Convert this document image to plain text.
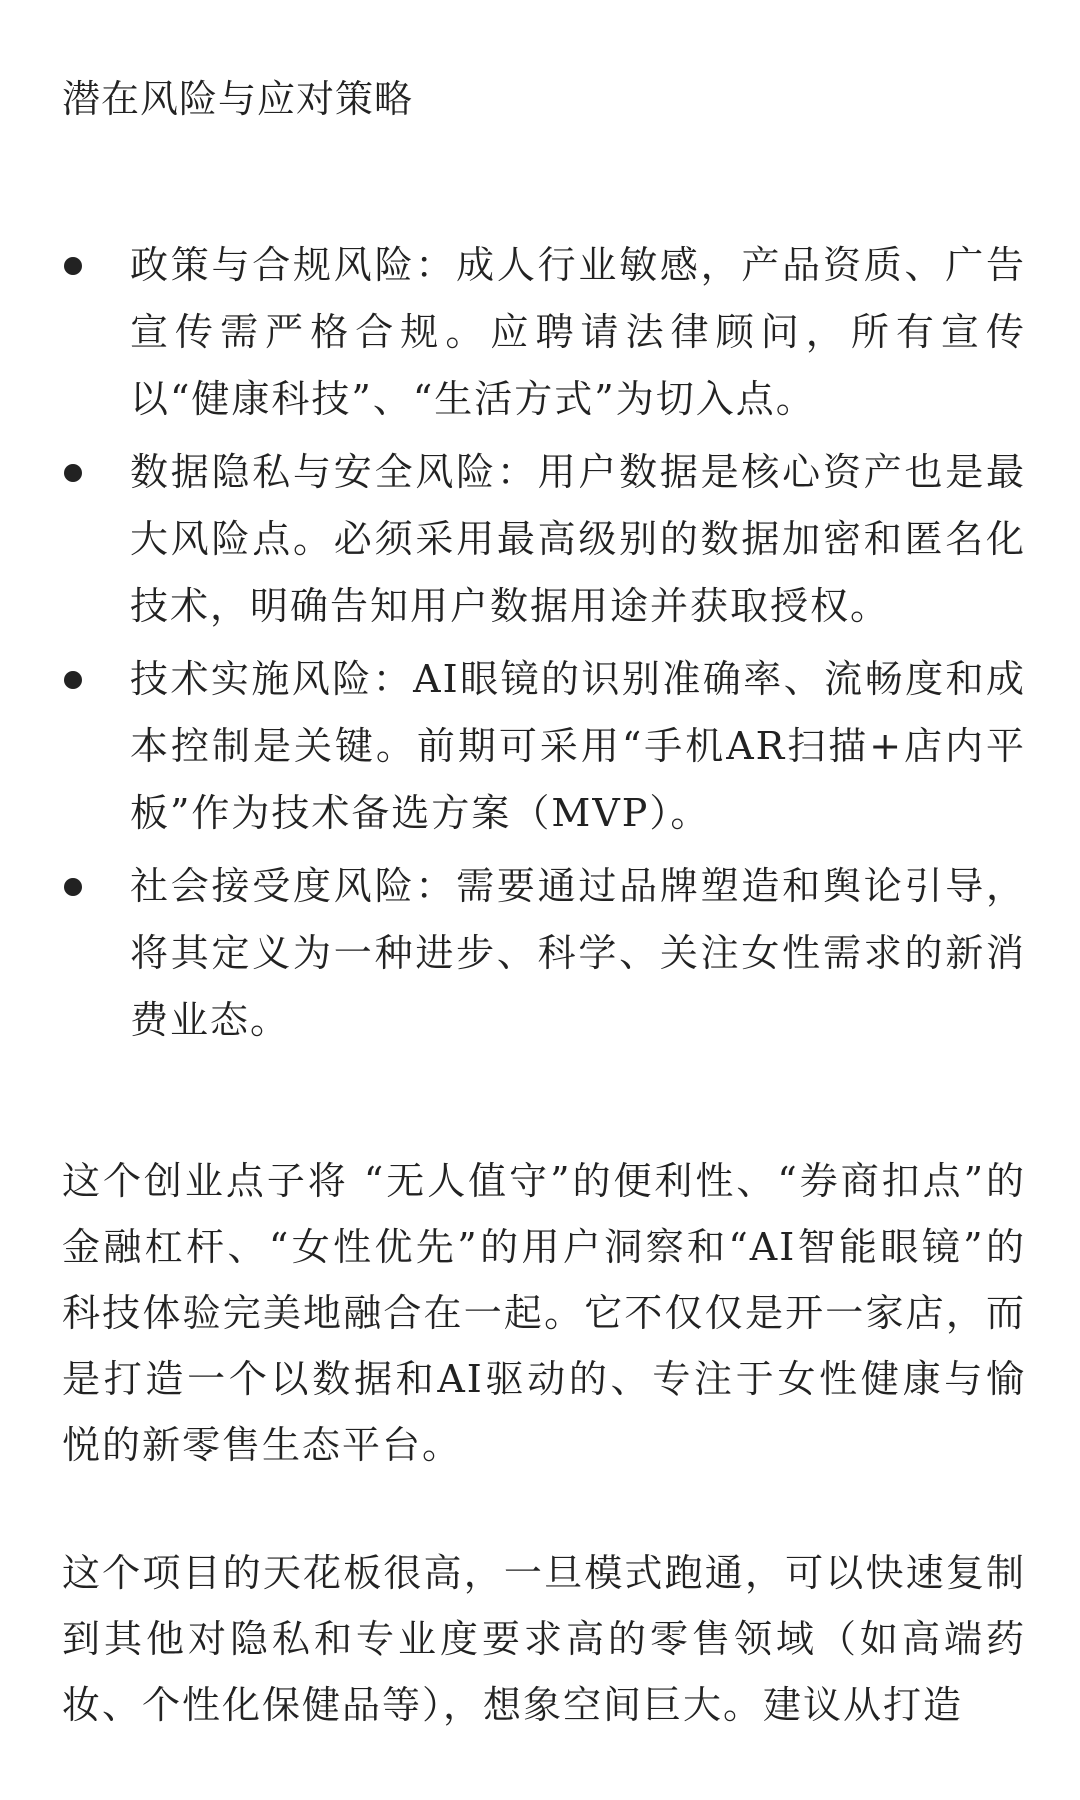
潜在风险与应对策略
政策与合规风险：成人行业敏感，产品资质、广告宣传需严格合规。应聘请法律顾问，所有宣传以“健康科技”、“生活方式”为切入点。
数据隐私与安全风险：用户数据是核心资产也是最大风险点。必须采用最高级别的数据加密和匿名化技术，明确告知用户数据用途并获取授权。
技术实施风险：AI眼镜的识别准确率、流畅度和成本控制是关键。前期可采用“手机AR扫描+店内平板”作为技术备选方案（MVP）。
社会接受度风险：需要通过品牌塑造和舆论引导，将其定义为一种进步、科学、关注女性需求的新消费业态。

这个创业点子将 “无人值守”的便利性、“券商扣点”的金融杠杆、“女性优先”的用户洞察和“AI智能眼镜”的科技体验完美地融合在一起。它不仅仅是开一家店，而是打造一个以数据和AI驱动的、专注于女性健康与愉悦的新零售生态平台。

这个项目的天花板很高，一旦模式跑通，可以快速复制到其他对隐私和专业度要求高的零售领域（如高端药妆、个性化保健品等），想象空间巨大。建议从打造
